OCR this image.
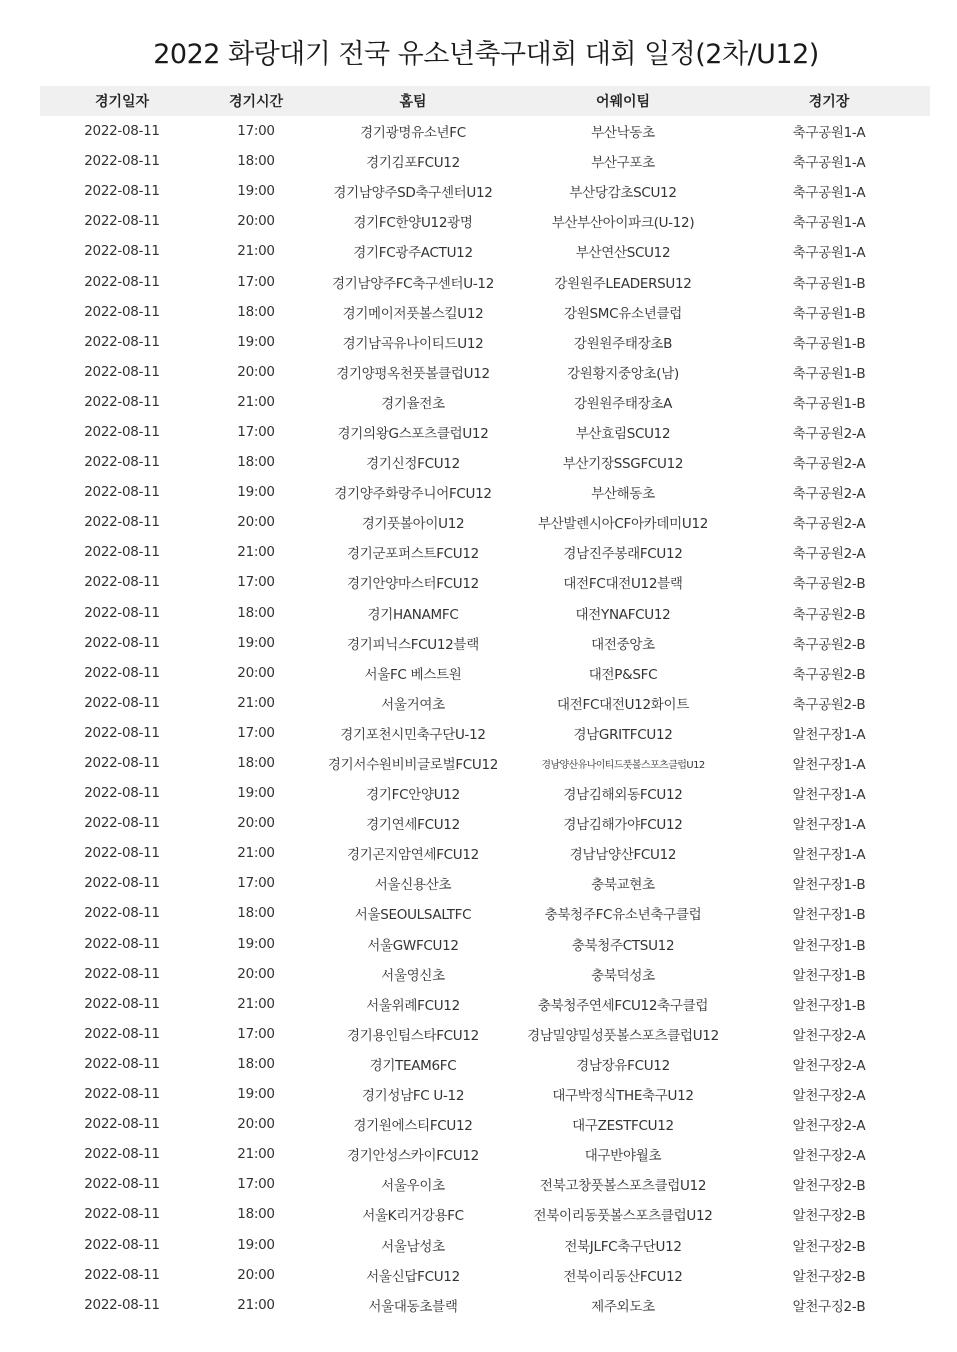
2022 화랑대기 전국 유소년축구대회 대회 일정(2차/U12)
경기일자	경기시간	홈팀	어웨이팀	경기장
2022-08-11	17:00	경기광명유소년FC	부산낙동초	축구공원1-A
2022-08-11	18:00	경기김포FCU12	부산구포초	축구공원1-A
2022-08-11	19:00	경기남양주SD축구센터U12	부산당감초SCU12	축구공원1-A
2022-08-11	20:00	경기FC한양U12광명	부산부산아이파크(U-12)	축구공원1-A
2022-08-11	21:00	경기FC광주ACTU12	부산연산SCU12	축구공원1-A
2022-08-11	17:00	경기남양주FC축구센터U-12	강원원주LEADERSU12	축구공원1-B
2022-08-11	18:00	경기메이저풋볼스킬U12	강원SMC유소년클럽	축구공원1-B
2022-08-11	19:00	경기남곡유나이티드U12	강원원주태장초B	축구공원1-B
2022-08-11	20:00	경기양평옥천풋볼클럽U12	강원황지중앙초(남)	축구공원1-B
2022-08-11	21:00	경기율전초	강원원주태장초A	축구공원1-B
2022-08-11	17:00	경기의왕G스포츠클럽U12	부산효림SCU12	축구공원2-A
2022-08-11	18:00	경기신정FCU12	부산기장SSGFCU12	축구공원2-A
2022-08-11	19:00	경기양주화랑주니어FCU12	부산해동초	축구공원2-A
2022-08-11	20:00	경기풋볼아이U12	부산발렌시아CF아카데미U12	축구공원2-A
2022-08-11	21:00	경기군포퍼스트FCU12	경남진주봉래FCU12	축구공원2-A
2022-08-11	17:00	경기안양마스터FCU12	대전FC대전U12블랙	축구공원2-B
2022-08-11	18:00	경기HANAMFC	대전YNAFCU12	축구공원2-B
2022-08-11	19:00	경기피닉스FCU12블랙	대전중앙초	축구공원2-B
2022-08-11	20:00	서울FC 베스트원	대전P&SFC	축구공원2-B
2022-08-11	21:00	서울거여초	대전FC대전U12화이트	축구공원2-B
2022-08-11	17:00	경기포천시민축구단U-12	경남GRITFCU12	알천구장1-A
2022-08-11	18:00	경기서수원비비글로벌FCU12	경남양산유나이티드풋볼스포츠클럽U12	알천구장1-A
2022-08-11	19:00	경기FC안양U12	경남김해외동FCU12	알천구장1-A
2022-08-11	20:00	경기연세FCU12	경남김해가야FCU12	알천구장1-A
2022-08-11	21:00	경기곤지암연세FCU12	경남남양산FCU12	알천구장1-A
2022-08-11	17:00	서울신용산초	충북교현초	알천구장1-B
2022-08-11	18:00	서울SEOULSALTFC	충북청주FC유소년축구클럽	알천구장1-B
2022-08-11	19:00	서울GWFCU12	충북청주CTSU12	알천구장1-B
2022-08-11	20:00	서울영신초	충북덕성초	알천구장1-B
2022-08-11	21:00	서울위례FCU12	충북청주연세FCU12축구클럽	알천구장1-B
2022-08-11	17:00	경기용인팀스타FCU12	경남밀양밀성풋볼스포츠클럽U12	알천구장2-A
2022-08-11	18:00	경기TEAM6FC	경남장유FCU12	알천구장2-A
2022-08-11	19:00	경기성남FC U-12	대구박정식THE축구U12	알천구장2-A
2022-08-11	20:00	경기원에스티FCU12	대구ZESTFCU12	알천구장2-A
2022-08-11	21:00	경기안성스카이FCU12	대구반야월초	알천구장2-A
2022-08-11	17:00	서울우이초	전북고창풋볼스포츠클럽U12	알천구장2-B
2022-08-11	18:00	서울K리거강용FC	전북이리동풋볼스포츠클럽U12	알천구장2-B
2022-08-11	19:00	서울남성초	전북JLFC축구단U12	알천구장2-B
2022-08-11	20:00	서울신답FCU12	전북이리동산FCU12	알천구장2-B
2022-08-11	21:00	서울대동초블랙	제주외도초	알천구징2-B
